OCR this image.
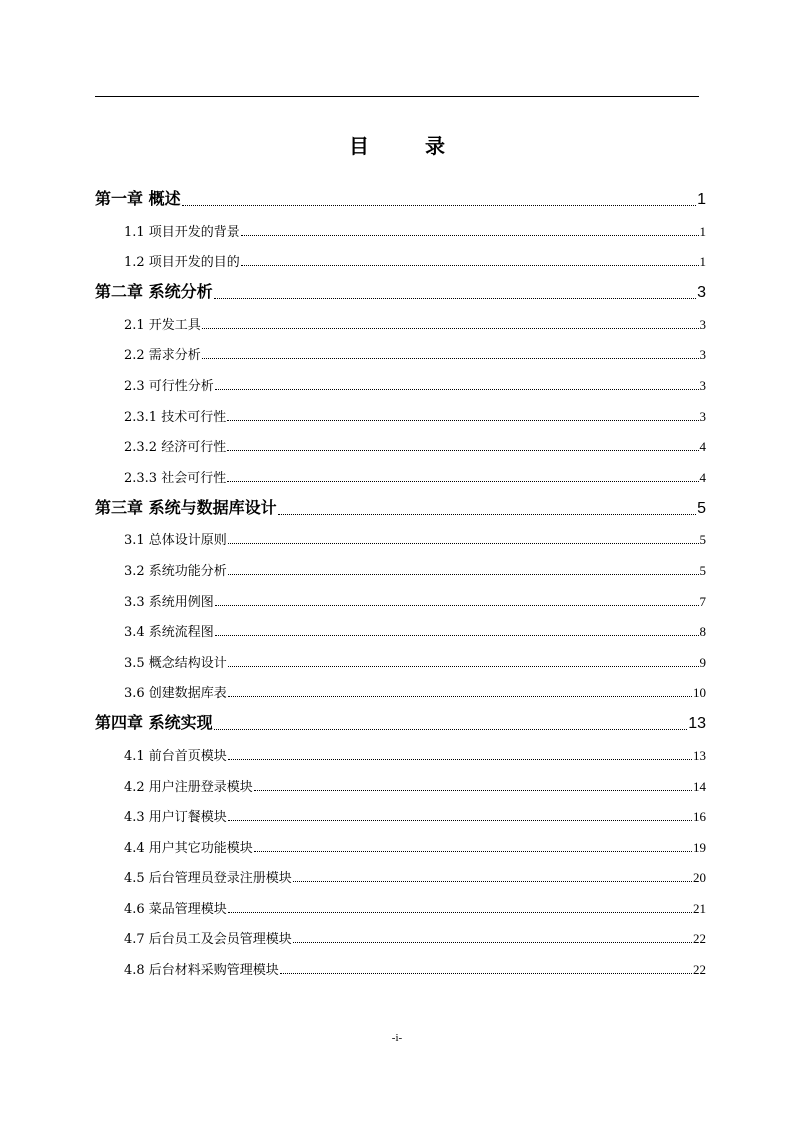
目　录
第一章 概述	1
1.1 项目开发的背景	1
1.2 项目开发的目的	1
第二章 系统分析	3
2.1 开发工具	3
2.2 需求分析	3
2.3 可行性分析	3
2.3.1 技术可行性	3
2.3.2 经济可行性	4
2.3.3 社会可行性	4
第三章 系统与数据库设计	5
3.1 总体设计原则	5
3.2 系统功能分析	5
3.3 系统用例图	7
3.4 系统流程图	8
3.5 概念结构设计	9
3.6 创建数据库表	10
第四章 系统实现	13
4.1 前台首页模块	13
4.2 用户注册登录模块	14
4.3 用户订餐模块	16
4.4 用户其它功能模块	19
4.5 后台管理员登录注册模块	20
4.6 菜品管理模块	21
4.7 后台员工及会员管理模块	22
4.8 后台材料采购管理模块	22
-i-
